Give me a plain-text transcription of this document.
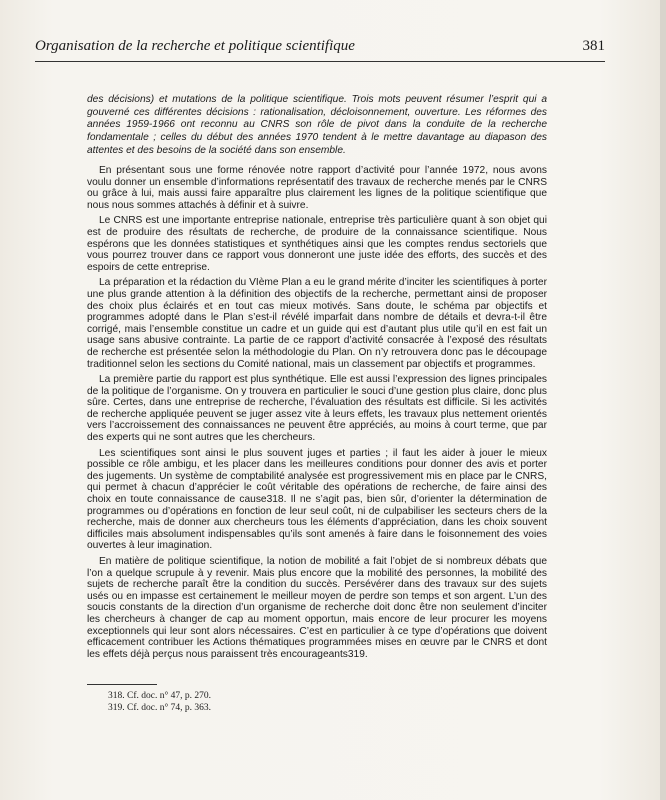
Organisation de la recherche et politique scientifique	381

des décisions) et mutations de la politique scientifique. Trois mots peuvent résumer l’esprit qui a gouverné ces différentes décisions : rationalisation, décloisonnement, ouverture. Les réformes des années 1959-1966 ont reconnu au CNRS son rôle de pivot dans la conduite de la recherche fondamentale ; celles du début des années 1970 tendent à le mettre davantage au diapason des attentes et des besoins de la société dans son ensemble.

En présentant sous une forme rénovée notre rapport d’activité pour l’année 1972, nous avons voulu donner un ensemble d’informations représentatif des travaux de recherche menés par le CNRS ou grâce à lui, mais aussi faire apparaître plus clairement les lignes de la politique scientifique que nous nous sommes attachés à définir et à suivre.

Le CNRS est une importante entreprise nationale, entreprise très particulière quant à son objet qui est de produire des résultats de recherche, de produire de la connaissance scientifique. Nous espérons que les données statistiques et synthétiques ainsi que les comptes rendus sectoriels que vous pourrez trouver dans ce rapport vous donneront une juste idée des efforts, des succès et des espoirs de cette entreprise.

La préparation et la rédaction du VIème Plan a eu le grand mérite d’inciter les scientifiques à porter une plus grande attention à la définition des objectifs de la recherche, permettant ainsi de proposer des choix plus éclairés et en tout cas mieux motivés. Sans doute, le schéma par objectifs et programmes adopté dans le Plan s’est-il révélé imparfait dans nombre de détails et devra-t-il être corrigé, mais l’ensemble constitue un cadre et un guide qui est d’autant plus utile qu’il en est fait un usage sans abusive contrainte. La partie de ce rapport d’activité consacrée à l’exposé des résultats de recherche est présentée selon la méthodologie du Plan. On n’y retrouvera donc pas le découpage traditionnel selon les sections du Comité national, mais un classement par objectifs et programmes.

La première partie du rapport est plus synthétique. Elle est aussi l’expression des lignes principales de la politique de l’organisme. On y trouvera en particulier le souci d’une gestion plus claire, donc plus sûre. Certes, dans une entreprise de recherche, l’évaluation des résultats est difficile. Si les activités de recherche appliquée peuvent se juger assez vite à leurs effets, les travaux plus nettement orientés vers l’accroissement des connaissances ne peuvent être appréciés, au moins à court terme, que par des experts qui ne sont autres que les chercheurs.

Les scientifiques sont ainsi le plus souvent juges et parties ; il faut les aider à jouer le mieux possible ce rôle ambigu, et les placer dans les meilleures conditions pour donner des avis et porter des jugements. Un système de comptabilité analysée est progressivement mis en place par le CNRS, qui permet à chacun d’apprécier le coût véritable des opérations de recherche, de faire ainsi des choix en toute connaissance de cause318. Il ne s’agit pas, bien sûr, d’orienter la détermination de programmes ou d’opérations en fonction de leur seul coût, ni de culpabiliser les secteurs chers de la recherche, mais de donner aux chercheurs tous les éléments d’appréciation, dans les choix souvent difficiles mais absolument indispensables qu’ils sont amenés à faire dans le foisonnement des voies ouvertes à leur imagination.

En matière de politique scientifique, la notion de mobilité a fait l’objet de si nombreux débats que l’on a quelque scrupule à y revenir. Mais plus encore que la mobilité des personnes, la mobilité des sujets de recherche paraît être la condition du succès. Persévérer dans des travaux sur des sujets usés ou en impasse est certainement le meilleur moyen de perdre son temps et son argent. L’un des soucis constants de la direction d’un organisme de recherche doit donc être non seulement d’inciter les chercheurs à changer de cap au moment opportun, mais encore de leur procurer les moyens exceptionnels qui leur sont alors nécessaires. C’est en particulier à ce type d’opérations que doivent efficacement contribuer les Actions thématiques programmées mises en œuvre par le CNRS et dont les effets déjà perçus nous paraissent très encourageants319.

318. Cf. doc. n° 47, p. 270.
319. Cf. doc. n° 74, p. 363.
